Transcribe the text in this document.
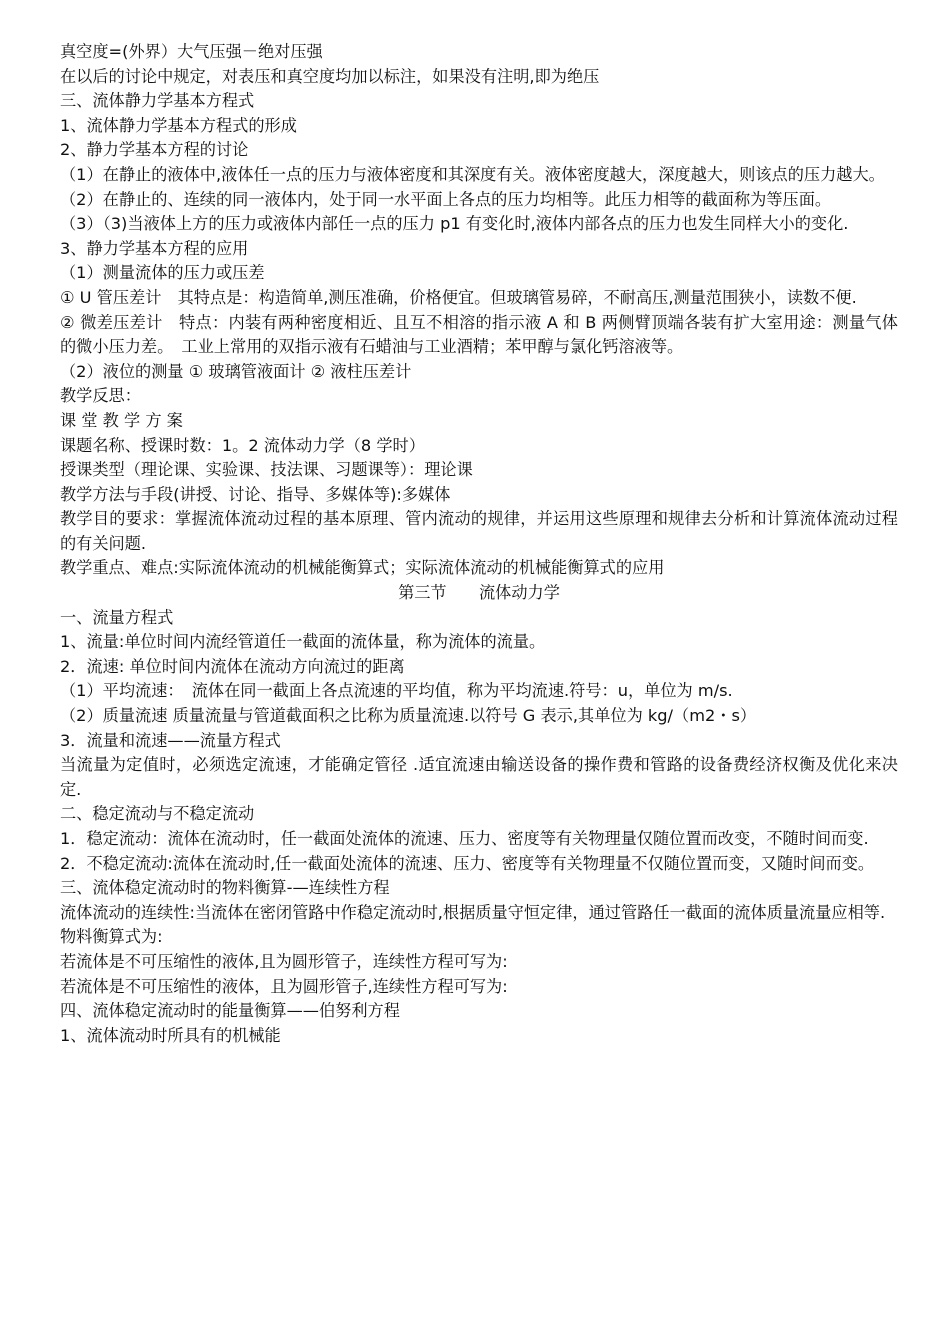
真空度=(外界）大气压强－绝对压强

在以后的讨论中规定，对表压和真空度均加以标注，如果没有注明,即为绝压

三、流体静力学基本方程式

1、流体静力学基本方程式的形成

2、静力学基本方程的讨论

（1）在静止的液体中,液体任一点的压力与液体密度和其深度有关。液体密度越大，深度越大，则该点的压力越大。

（2）在静止的、连续的同一液体内，处于同一水平面上各点的压力均相等。此压力相等的截面称为等压面。

（3）（3)当液体上方的压力或液体内部任一点的压力 p1 有变化时,液体内部各点的压力也发生同样大小的变化.

3、静力学基本方程的应用

（1）测量流体的压力或压差

① U 管压差计　其特点是：构造简单,测压准确，价格便宜。但玻璃管易碎，不耐高压,测量范围狭小，读数不便.

② 微差压差计　特点：内装有两种密度相近、且互不相溶的指示液 A 和 B 两侧臂顶端各装有扩大室用途：测量气体的微小压力差。　工业上常用的双指示液有石蜡油与工业酒精；苯甲醇与氯化钙溶液等。

（2）液位的测量 ① 玻璃管液面计 ② 液柱压差计

教学反思：

课 堂 教 学 方 案

课题名称、授课时数：1。2 流体动力学（8 学时）

授课类型（理论课、实验课、技法课、习题课等）：理论课

教学方法与手段(讲授、讨论、指导、多媒体等):多媒体

教学目的要求：掌握流体流动过程的基本原理、管内流动的规律，并运用这些原理和规律去分析和计算流体流动过程的有关问题.

教学重点、难点:实际流体流动的机械能衡算式；实际流体流动的机械能衡算式的应用

第三节　　流体动力学

一、流量方程式

1、流量:单位时间内流经管道任一截面的流体量，称为流体的流量。

2．流速: 单位时间内流体在流动方向流过的距离

（1）平均流速：　流体在同一截面上各点流速的平均值，称为平均流速.符号：u，单位为 m/s.

（2）质量流速 质量流量与管道截面积之比称为质量流速.以符号 G 表示,其单位为 kg/（m2・s）

3．流量和流速——流量方程式

当流量为定值时，必须选定流速，才能确定管径 .适宜流速由输送设备的操作费和管路的设备费经济权衡及优化来决定.

二、稳定流动与不稳定流动

1．稳定流动：流体在流动时，任一截面处流体的流速、压力、密度等有关物理量仅随位置而改变，不随时间而变.

2．不稳定流动:流体在流动时,任一截面处流体的流速、压力、密度等有关物理量不仅随位置而变，又随时间而变。

三、流体稳定流动时的物料衡算-—连续性方程

流体流动的连续性:当流体在密闭管路中作稳定流动时,根据质量守恒定律，通过管路任一截面的流体质量流量应相等.

物料衡算式为:

若流体是不可压缩性的液体,且为圆形管子，连续性方程可写为:

若流体是不可压缩性的液体，且为圆形管子,连续性方程可写为:

四、流体稳定流动时的能量衡算——伯努利方程

1、流体流动时所具有的机械能
